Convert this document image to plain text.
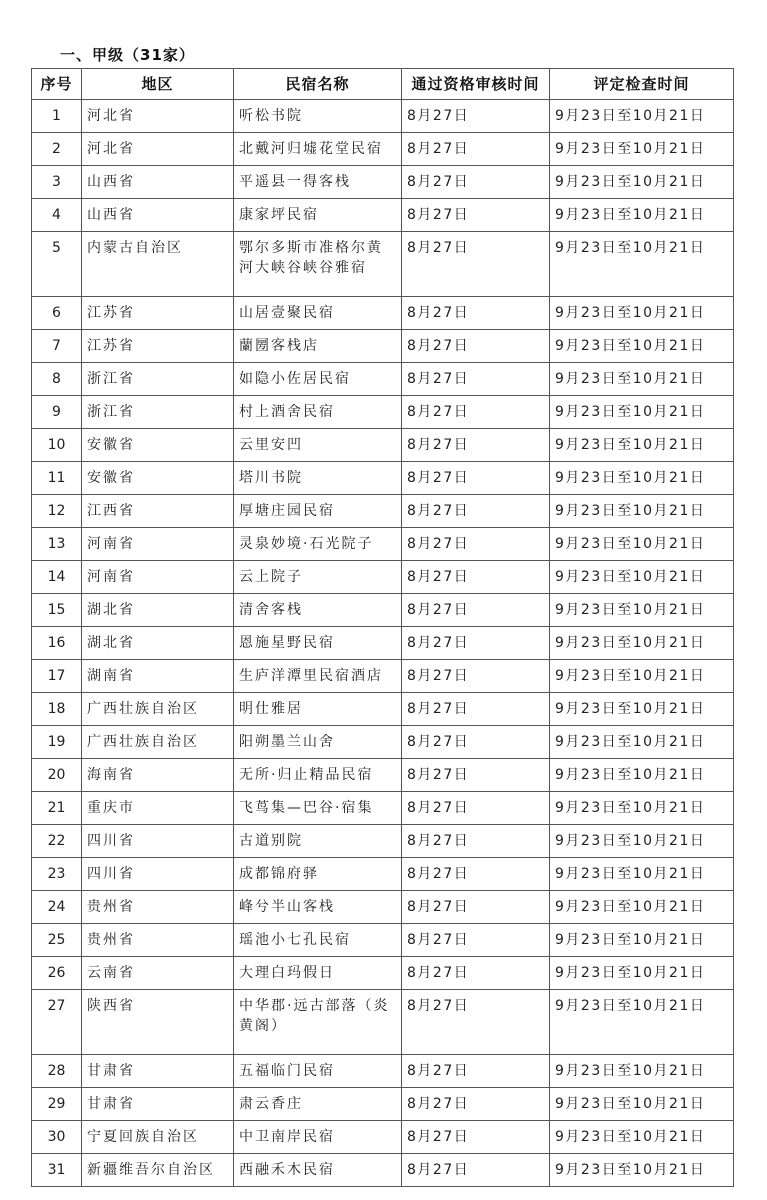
一、甲级（31家）
序号	地区	民宿名称	通过资格审核时间	评定检查时间
1	河北省	听松书院	8月27日	9月23日至10月21日
2	河北省	北戴河归墟花堂民宿	8月27日	9月23日至10月21日
3	山西省	平遥县一得客栈	8月27日	9月23日至10月21日
4	山西省	康家坪民宿	8月27日	9月23日至10月21日
5	内蒙古自治区	鄂尔多斯市准格尔黄河大峡谷峡谷雅宿	8月27日	9月23日至10月21日
6	江苏省	山居壹聚民宿	8月27日	9月23日至10月21日
7	江苏省	蘭圐客栈店	8月27日	9月23日至10月21日
8	浙江省	如隐小佐居民宿	8月27日	9月23日至10月21日
9	浙江省	村上酒舍民宿	8月27日	9月23日至10月21日
10	安徽省	云里安凹	8月27日	9月23日至10月21日
11	安徽省	塔川书院	8月27日	9月23日至10月21日
12	江西省	厚塘庄园民宿	8月27日	9月23日至10月21日
13	河南省	灵泉妙境·石光院子	8月27日	9月23日至10月21日
14	河南省	云上院子	8月27日	9月23日至10月21日
15	湖北省	清舍客栈	8月27日	9月23日至10月21日
16	湖北省	恩施星野民宿	8月27日	9月23日至10月21日
17	湖南省	生庐洋潭里民宿酒店	8月27日	9月23日至10月21日
18	广西壮族自治区	明仕雅居	8月27日	9月23日至10月21日
19	广西壮族自治区	阳朔墨兰山舍	8月27日	9月23日至10月21日
20	海南省	无所·归止精品民宿	8月27日	9月23日至10月21日
21	重庆市	飞茑集—巴谷·宿集	8月27日	9月23日至10月21日
22	四川省	古道别院	8月27日	9月23日至10月21日
23	四川省	成都锦府驿	8月27日	9月23日至10月21日
24	贵州省	峰兮半山客栈	8月27日	9月23日至10月21日
25	贵州省	瑶池小七孔民宿	8月27日	9月23日至10月21日
26	云南省	大理白玛假日	8月27日	9月23日至10月21日
27	陕西省	中华郡·远古部落（炎黄阁）	8月27日	9月23日至10月21日
28	甘肃省	五福临门民宿	8月27日	9月23日至10月21日
29	甘肃省	肃云香庄	8月27日	9月23日至10月21日
30	宁夏回族自治区	中卫南岸民宿	8月27日	9月23日至10月21日
31	新疆维吾尔自治区	西融禾木民宿	8月27日	9月23日至10月21日
